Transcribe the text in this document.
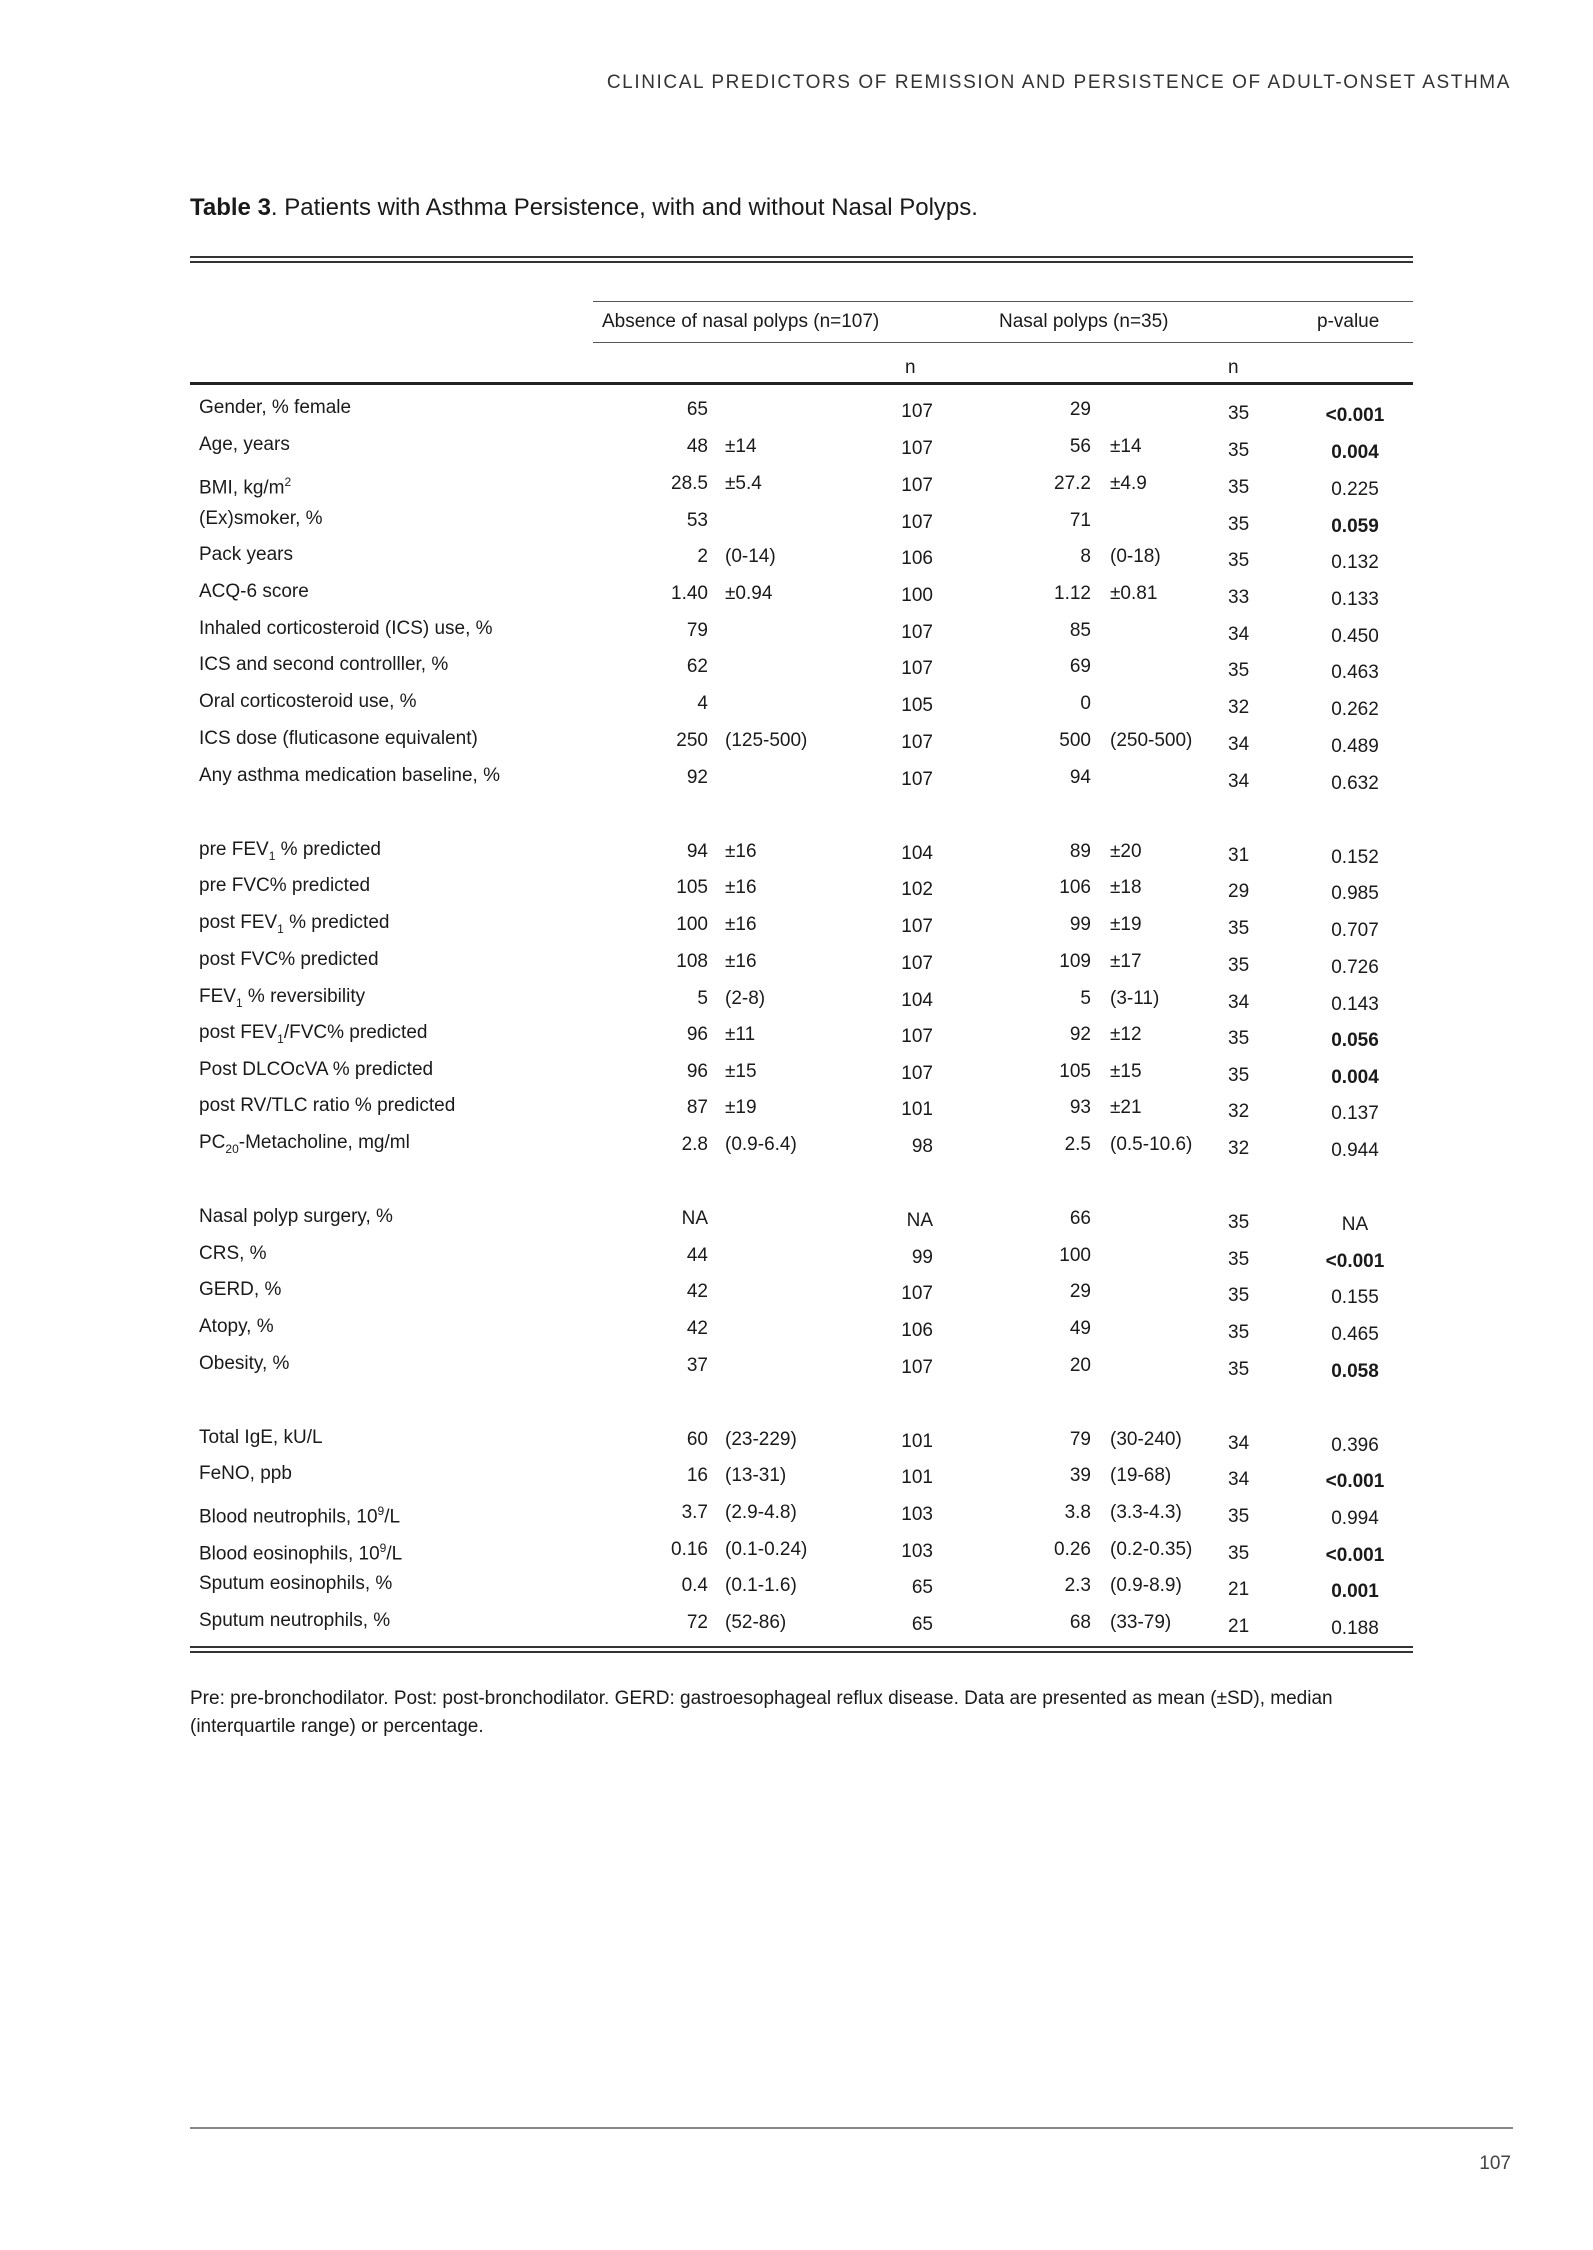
CLINICAL PREDICTORS OF REMISSION AND PERSISTENCE OF ADULT-ONSET ASTHMA
Table 3. Patients with Asthma Persistence, with and without Nasal Polyps.
Absence of nasal polyps (n=107)	Nasal polyps (n=35)	p-value
n	n
Gender, % female	65	107	29	35	<0.001
Age, years	48 ±14	107	56 ±14	35	0.004
BMI, $kg/m^2$	28.5 ±5.4	107	27.2 ±4.9	35	0.225
(Ex)smoker, %	53	107	71	35	0.059
Pack years	2 (0-14)	106	8 (0-18)	35	0.132
ACQ-6 score	1.40 ±0.94	100	1.12 ±0.81	33	0.133
Inhaled corticosteroid (ICS) use, %	79	107	85	34	0.450
ICS and second controlller, %	62	107	69	35	0.463
Oral corticosteroid use, %	4	105	0	32	0.262
ICS dose (fluticasone equivalent)	250 (125-500)	107	500 (250-500) 34	0.489
Any asthma medication baseline, %	92	107	94	34	0.632
pre $FEV_1$ % predicted	94 ±16	104	89 ±20	31	0.152
pre FVC% predicted	105 ±16	102	106 ±18	29	0.985
post $FEV_1$ % predicted	100 ±16	107	99 ±19	35	0.707
post FVC% predicted	108 ±16	107	109 ±17	35	0.726
$FEV_1$ % reversibility	5 (2-8)	104	5 (3-11)	34	0.143
post $FEV_1/FVC\%$ predicted	96 ±11	107	92 ±12	35	0.056
Post DLCOcVA % predicted	96 ±15	107	105 ±15	35	0.004
post RV/TLC ratio % predicted	87 ±19	101	93 ±21	32	0.137
$PC_{20}$-Metacholine, mg/ml	2.8 (0.9-6.4)	98	2.5 (0.5-10.6) 32	0.944
Nasal polyp surgery, %	NA	NA	66	35	NA
CRS, %	44	99	100	35	<0.001
GERD, %	42	107	29	35	0.155
Atopy, %	42	106	49	35	0.465
Obesity, %	37	107	20	35	0.058
Total IgE, kU/L	60 (23-229)	101	79 (30-240) 34	0.396
FeNO, ppb	16 (13-31)	101	39 (19-68)	34	<0.001
Blood neutrophils, $10^9/L$	3.7 (2.9-4.8)	103	3.8 (3.3-4.3) 35	0.994
Blood eosinophils, $10^9/L$	0.16 (0.1-0.24)	103	0.26 (0.2-0.35) 35	<0.001
Sputum eosinophils, %	0.4 (0.1-1.6)	65	2.3 (0.9-8.9) 21	0.001
Sputum neutrophils, %	72 (52-86)	65	68 (33-79)	21	0.188
Pre: pre-bronchodilator. Post: post-bronchodilator. GERD: gastroesophageal reflux disease. Data are presented as mean (±SD), median (interquartile range) or percentage.
107
